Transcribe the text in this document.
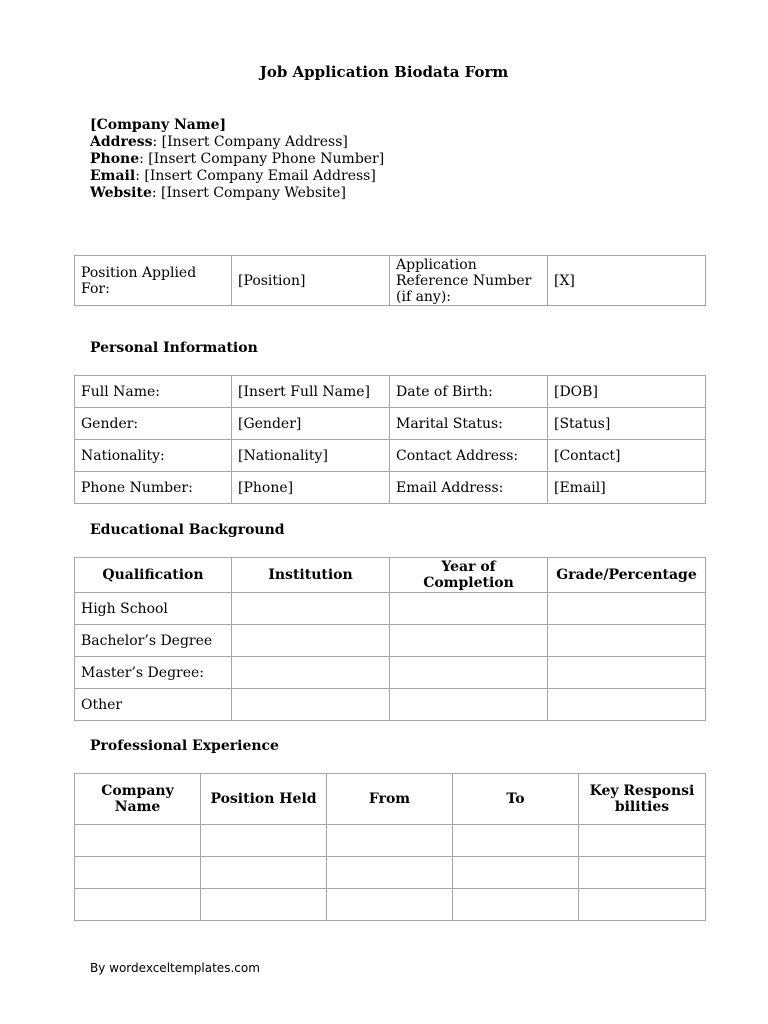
Job Application Biodata Form
[Company Name]
Address: [Insert Company Address]
Phone: [Insert Company Phone Number]
Email: [Insert Company Email Address]
Website: [Insert Company Website]
Position Applied For:	[Position]	Application Reference Number (if any):	[X]
Personal Information
Full Name:	[Insert Full Name]	Date of Birth:	[DOB]
Gender:	[Gender]	Marital Status:	[Status]
Nationality:	[Nationality]	Contact Address:	[Contact]
Phone Number:	[Phone]	Email Address:	[Email]
Educational Background
Qualification	Institution	Year of Completion	Grade/Percentage
High School			
Bachelor’s Degree			
Master’s Degree:			
Other			
Professional Experience
Company Name	Position Held	From	To	Key Responsibilities

By wordexceltemplates.com
